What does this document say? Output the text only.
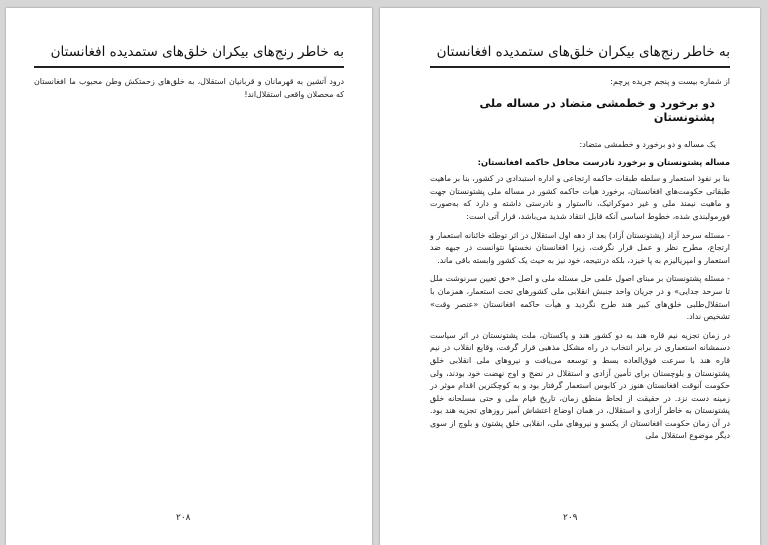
به خاطر رنج‌های بیکران خلق‌های ستمدیده افغانستان
درود آتشین به قهرمانان و قربانیان استقلال، به خلق‌های زحمتکش وطن محبوب ما افغانستان که محصلان واقعی استقلال‌اند!
۲۰۸
به خاطر رنج‌های بیکران خلق‌های ستمدیده افغانستان
از شماره بیست و پنجم جریده پرچم:
دو برخورد و خطمشی متضاد در مساله ملی پشتونستان
یک مساله و دو برخورد و خطمشی متضاد:
مساله پشتونستان و برخورد نادرست محافل حاکمه افغانستان:

بنا بر نفوذ استعمار و سلطه طبقات حاکمه ارتجاعی و اداره استبدادی در کشور، بنا بر ماهیت طبقاتی حکومت‌های افغانستان، برخورد هیأت حاکمه کشور در مساله ملی پشتونستان جهت و ماهیت نیمند ملی و غیر دموکراتیک، نااستوار و نادرستی داشته و دارد که به‌صورت فورمولبندی شده، خطوط اساسی آنکه قابل انتقاد شدید می‌باشد، قرار آتی است:

- مسئله سرحد آزاد (پشتونستان آزاد) بعد از دهه اول استقلال در اثر توطئه خائنانه استعمار و ارتجاع، مطرح نظر و عمل قرار نگرفت، زیرا افغانستان نخستها نتوانست در جبهه ضد استعمار و امپریالیزم به پا خیزد، بلکه درنتیجه، خود نیز به حیث یک کشور وابسته باقی ماند.

- مسئله پشتونستان بر مبنای اصول علمی حل مسئله ملی و اصل «حق تعیین سرنوشت ملل تا سرحد جدایی» و در جریان واحد جنبش انقلابی ملی کشورهای تحت استعمار، همزمان با استقلال‌طلبی خلق‌های کبیر هند طرح نگردید و هیأت حاکمه افغانستان «عنصر وقت» تشخیص نداد.

در زمان تجزیه نیم قاره هند به دو کشور هند و پاکستان، ملت پشتونستان در اثر سیاست دسمشانه استعماری در برابر انتخاب در راه مشکل مذهبی قرار گرفت، وقایع انقلاب در نیم قاره هند با سرعت فوق‌العاده بسط و توسعه می‌یافت و نیروهای ملی انقلابی خلق پشتونستان و بلوچستان برای تأمین آزادی و استقلال در نضج و اوج نهضت خود بودند، ولی حکومت آنوقت افغانستان هنوز در کابوس استعمار گرفتار بود و به کوچکترین اقدام موثر در زمینه دست نزد. در حقیقت از لحاظ منطق زمان، تاریخ قیام ملی و حتی مسلحانه خلق پشتونستان به خاطر آزادی و استقلال، در همان اوضاع اعتشاش آمیز روزهای تجزیه هند بود. در آن زمان حکومت افغانستان از یکسو و نیروهای ملی، انقلابی خلق پشتون و بلوچ از سوی دیگر موضوع استقلال ملی

۲۰۹
